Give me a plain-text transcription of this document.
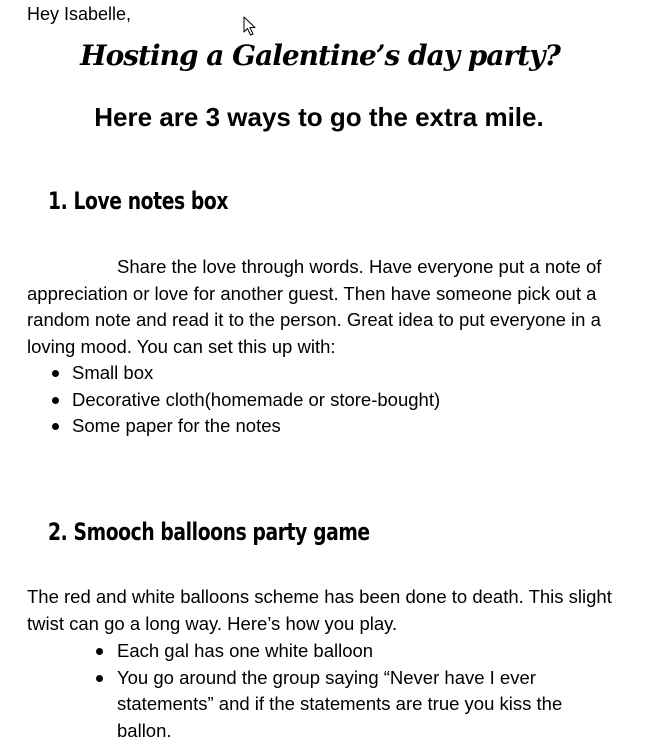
Hey Isabelle,
Hosting a Galentine’s day party?
Here are 3 ways to go the extra mile.
1. Love notes box

Share the love through words. Have everyone put a note of appreciation or love for another guest. Then have someone pick out a random note and read it to the person. Great idea to put everyone in a loving mood. You can set this up with:

Small box
Decorative cloth(homemade or store-bought)
Some paper for the notes
2. Smooch balloons party game

The red and white balloons scheme has been done to death. This slight twist can go a long way. Here’s how you play.

Each gal has one white balloon
You go around the group saying “Never have I ever statements” and if the statements are true you kiss the ballon.
